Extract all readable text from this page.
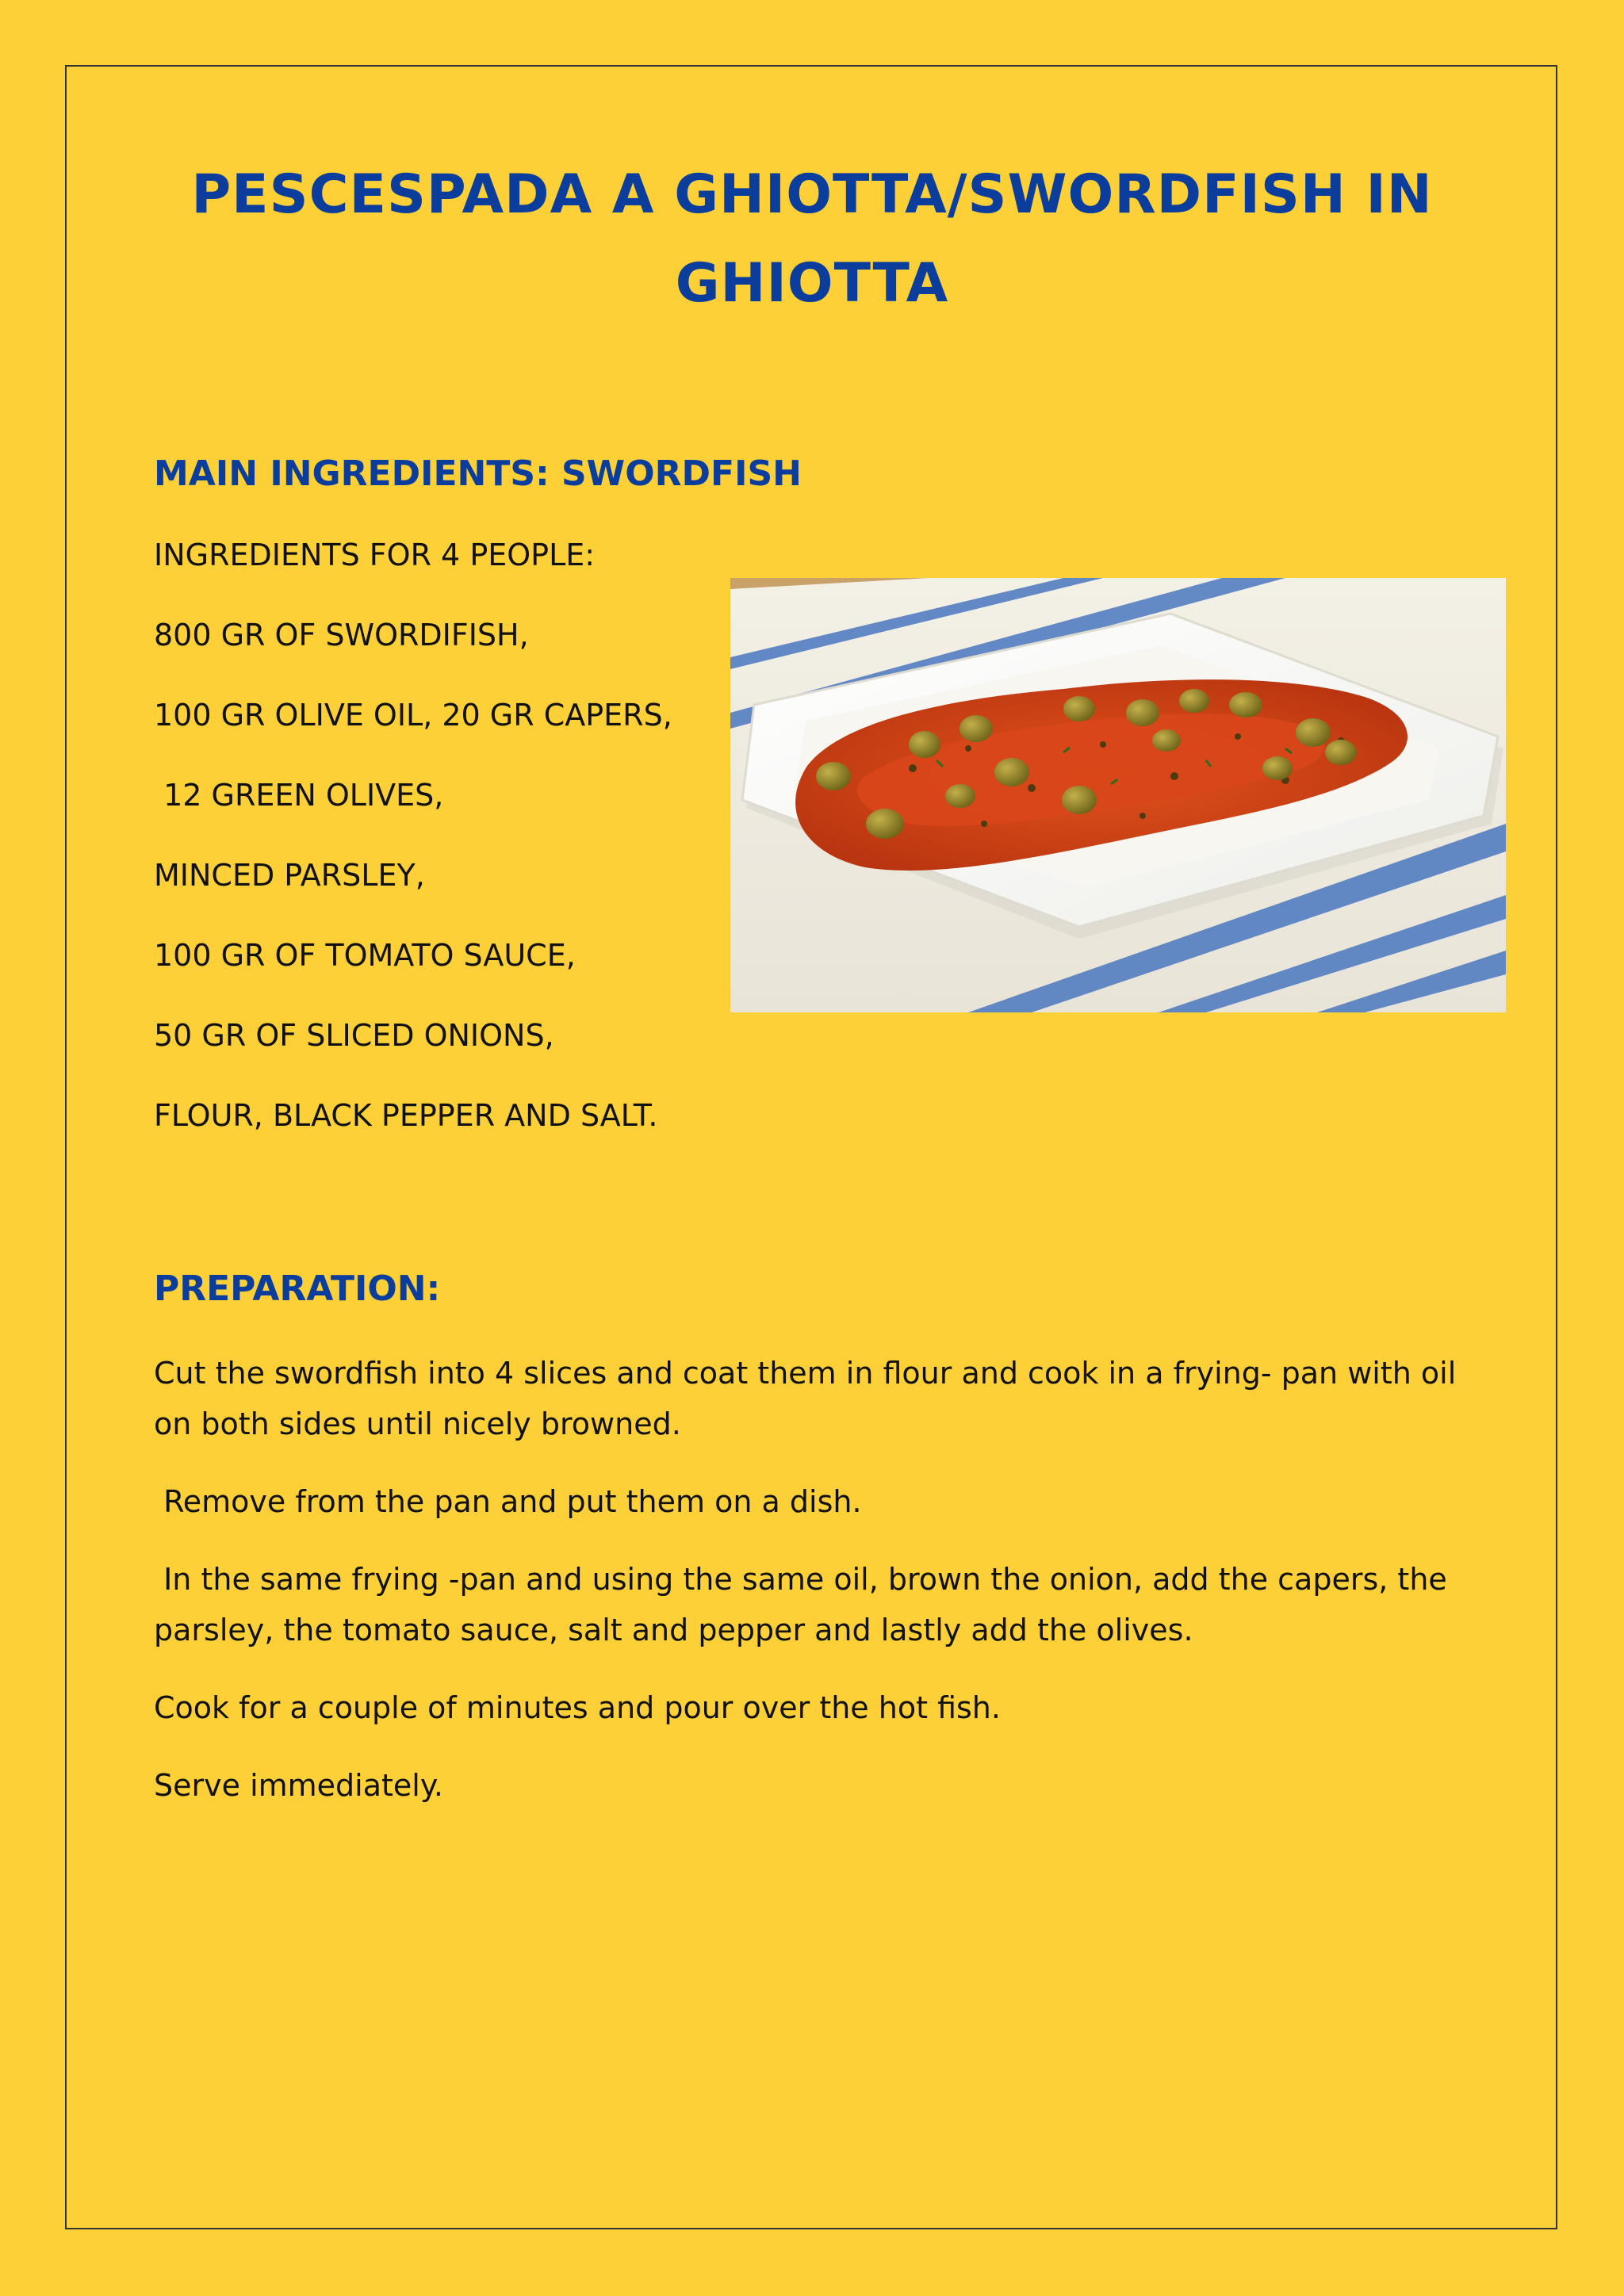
PESCESPADA A GHIOTTA/SWORDFISH IN GHIOTTA
MAIN INGREDIENTS: SWORDFISH
INGREDIENTS FOR 4 PEOPLE:
800 GR OF SWORDIFISH,
100 GR OLIVE OIL, 20 GR CAPERS,
12 GREEN OLIVES,
MINCED PARSLEY,
100 GR OF TOMATO SAUCE,
50 GR OF SLICED ONIONS,
FLOUR, BLACK PEPPER AND SALT.
PREPARATION:

Cut the swordfish into 4 slices and coat them in flour and cook in a frying- pan with oil on both sides until nicely browned.

Remove from the pan and put them on a dish.

In the same frying -pan and using the same oil, brown the onion, add the capers, the parsley, the tomato sauce, salt and pepper and lastly add the olives.

Cook for a couple of minutes and pour over the hot fish.

Serve immediately.
